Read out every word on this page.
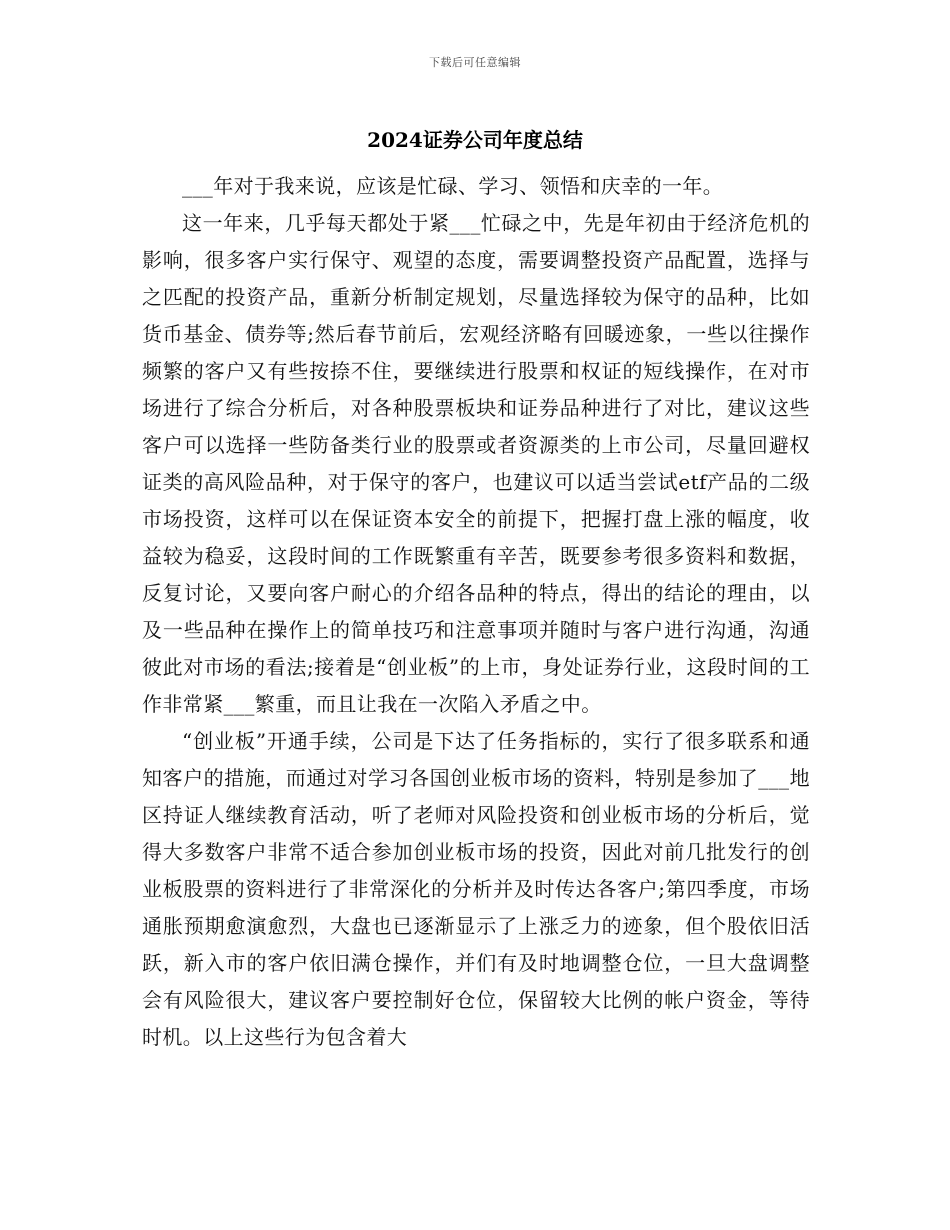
下载后可任意编辑
2024证券公司年度总结

___年对于我来说，应该是忙碌、学习、领悟和庆幸的一年。

这一年来，几乎每天都处于紧___忙碌之中，先是年初由于经济危机的影响，很多客户实行保守、观望的态度，需要调整投资产品配置，选择与之匹配的投资产品，重新分析制定规划，尽量选择较为保守的品种，比如货币基金、债券等;然后春节前后，宏观经济略有回暖迹象，一些以往操作频繁的客户又有些按捺不住，要继续进行股票和权证的短线操作，在对市场进行了综合分析后，对各种股票板块和证券品种进行了对比，建议这些客户可以选择一些防备类行业的股票或者资源类的上市公司，尽量回避权证类的高风险品种，对于保守的客户，也建议可以适当尝试etf产品的二级市场投资，这样可以在保证资本安全的前提下，把握打盘上涨的幅度，收益较为稳妥，这段时间的工作既繁重有辛苦，既要参考很多资料和数据，反复讨论，又要向客户耐心的介绍各品种的特点，得出的结论的理由，以及一些品种在操作上的简单技巧和注意事项并随时与客户进行沟通，沟通彼此对市场的看法;接着是“创业板”的上市，身处证券行业，这段时间的工作非常紧___繁重，而且让我在一次陷入矛盾之中。

“创业板”开通手续，公司是下达了任务指标的，实行了很多联系和通知客户的措施，而通过对学习各国创业板市场的资料，特别是参加了___地区持证人继续教育活动，听了老师对风险投资和创业板市场的分析后，觉得大多数客户非常不适合参加创业板市场的投资，因此对前几批发行的创业板股票的资料进行了非常深化的分析并及时传达各客户;第四季度，市场通胀预期愈演愈烈，大盘也已逐渐显示了上涨乏力的迹象，但个股依旧活跃，新入市的客户依旧满仓操作，并们有及时地调整仓位，一旦大盘调整会有风险很大，建议客户要控制好仓位，保留较大比例的帐户资金，等待时机。以上这些行为包含着大
